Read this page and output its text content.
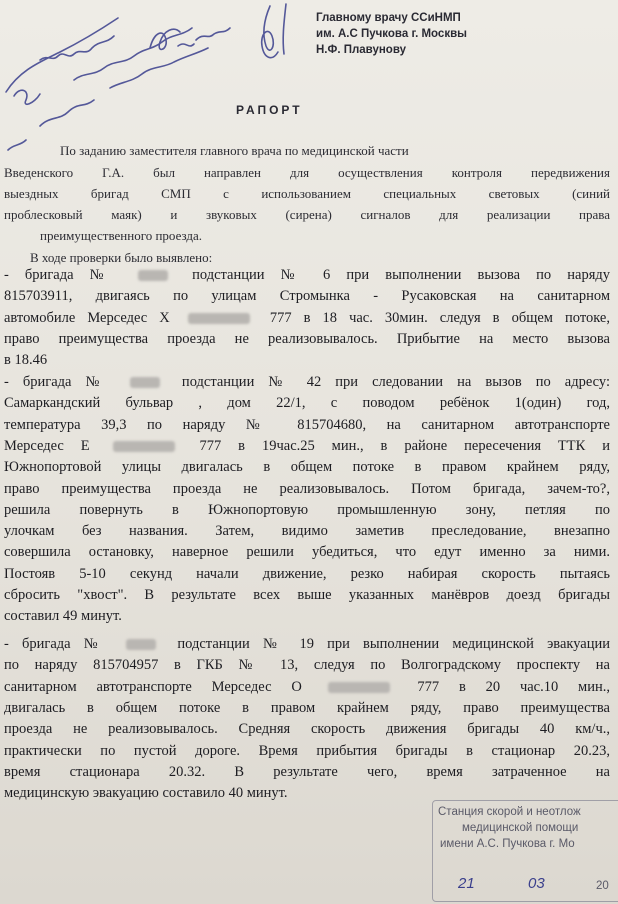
Главному врачу ССиНМП
им. А.С Пучкова г. Москвы
Н.Ф. Плавунову
РАПОРТ
По заданию заместителя главного врача по медицинской части
Введенского Г.А. был направлен для осуществления контроля передвижения
выездных бригад СМП с использованием специальных световых (синий
проблесковый маяк) и звуковых (сирена) сигналов для реализации права
преимущественного проезда.
В ходе проверки было выявлено:
- бригада №	подстанции № 6 при выполнении вызова по наряду
815703911, двигаясь по улицам Стромынка - Русаковская на санитарном
автомобиле Мерседес Х	777 в 18 час. 30мин. следуя в общем потоке,
право преимущества проезда не реализовывалось. Прибытие на место вызова
в 18.46
- бригада №	подстанции № 42 при следовании на вызов по адресу:
Самаркандский бульвар , дом 22/1, с поводом ребёнок 1(один) год,
температура 39,3 по наряду № 815704680, на санитарном автотранспорте
Мерседес Е	777 в 19час.25 мин., в районе пересечения ТТК и
Южнопортовой улицы двигалась в общем потоке в правом крайнем ряду,
право преимущества проезда не реализовывалось. Потом бригада, зачем-то?,
решила повернуть в Южнопортовую промышленную зону, петляя по
улочкам без названия. Затем, видимо заметив преследование, внезапно
совершила остановку, наверное решили убедиться, что едут именно за ними.
Постояв 5-10 секунд начали движение, резко набирая скорость пытаясь
сбросить "хвост". В результате всех выше указанных манёвров доезд бригады
составил 49 минут.
- бригада №	подстанции № 19 при выполнении медицинской эвакуации
по наряду 815704957 в ГКБ № 13, следуя по Волгоградскому проспекту на
санитарном автотранспорте Мерседес О	777 в 20 час.10 мин.,
двигалась в общем потоке в правом крайнем ряду, право преимущества
проезда не реализовывалось. Средняя скорость движения бригады 40 км/ч.,
практически по пустой дороге. Время прибытия бригады в стационар 20.23,
время стационара 20.32. В результате чего, время затраченное на
медицинскую эвакуацию составило 40 минут.
Станция скорой и неотлож
медицинской помощи
имени А.С. Пучкова г. Мо
21	03	20
